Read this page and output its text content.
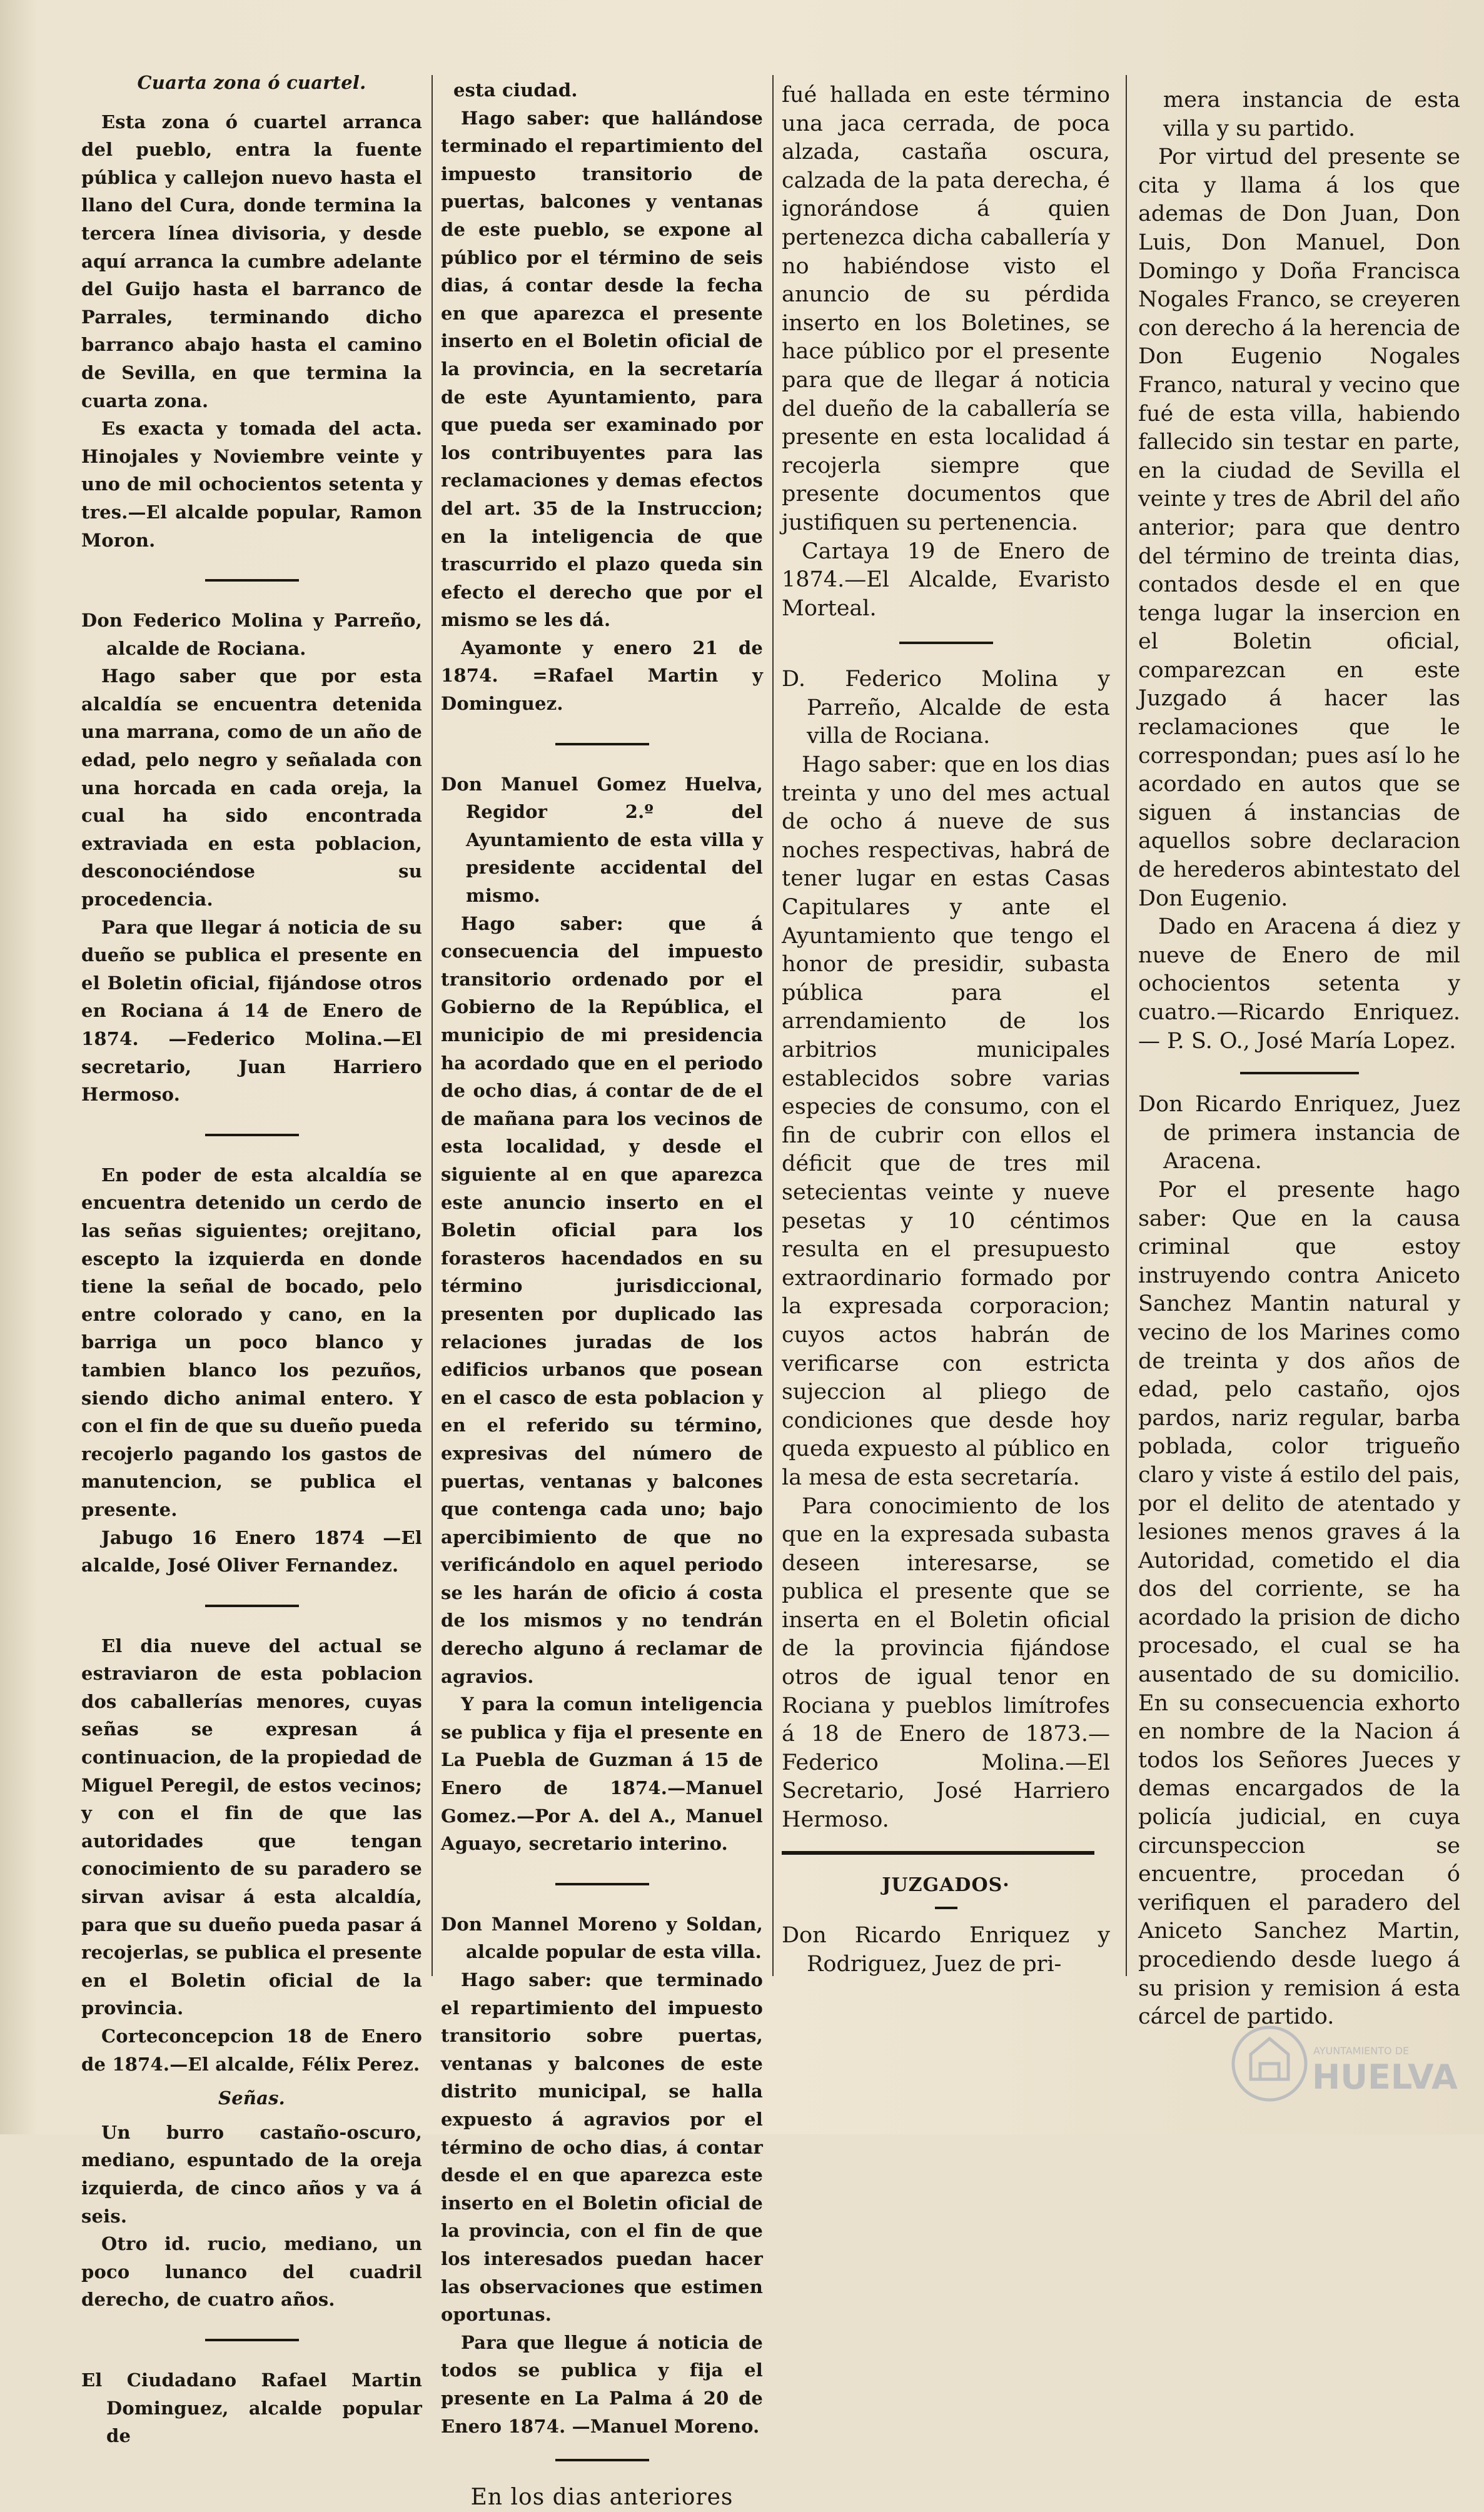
Cuarta zona ó cuartel.

Esta zona ó cuartel arranca del pueblo, entra la fuente pública y callejon nuevo hasta el llano del Cura, donde termina la tercera línea divisoria, y desde aquí arranca la cumbre adelante del Guijo hasta el barranco de Parrales, terminando dicho barranco abajo hasta el camino de Sevilla, en que termina la cuarta zona.

Es exacta y tomada del acta. Hinojales y Noviembre veinte y uno de mil ochocientos setenta y tres.—El alcalde popular, Ramon Moron.

Don Federico Molina y Parreño, alcalde de Rociana.

Hago saber que por esta alcaldía se encuentra detenida una marrana, como de un año de edad, pelo negro y señalada con una horcada en cada oreja, la cual ha sido encontrada extraviada en esta poblacion, desconociéndose su procedencia.

Para que llegar á noticia de su dueño se publica el presente en el Boletin oficial, fijándose otros en Rociana á 14 de Enero de 1874. —Federico Molina.—El secretario, Juan Harriero Hermoso.

En poder de esta alcaldía se encuentra detenido un cerdo de las señas siguientes; orejitano, escepto la izquierda en donde tiene la señal de bocado, pelo entre colorado y cano, en la barriga un poco blanco y tambien blanco los pezuños, siendo dicho animal entero. Y con el fin de que su dueño pueda recojerlo pagando los gastos de manutencion, se publica el presente.

Jabugo 16 Enero 1874 —El alcalde, José Oliver Fernandez.

El dia nueve del actual se estraviaron de esta poblacion dos caballerías menores, cuyas señas se expresan á continuacion, de la propiedad de Miguel Peregil, de estos vecinos; y con el fin de que las autoridades que tengan conocimiento de su paradero se sirvan avisar á esta alcaldía, para que su dueño pueda pasar á recojerlas, se publica el presente en el Boletin oficial de la provincia.

Corteconcepcion 18 de Enero de 1874.—El alcalde, Félix Perez.

Señas.

Un burro castaño-oscuro, mediano, espuntado de la oreja izquierda, de cinco años y va á seis.

Otro id. rucio, mediano, un poco lunanco del cuadril derecho, de cuatro años.

El Ciudadano Rafael Martin Dominguez, alcalde popular de

esta ciudad.

Hago saber: que hallándose terminado el repartimiento del impuesto transitorio de puertas, balcones y ventanas de este pueblo, se expone al público por el término de seis dias, á contar desde la fecha en que aparezca el presente inserto en el Boletin oficial de la provincia, en la secretaría de este Ayuntamiento, para que pueda ser examinado por los contribuyentes para las reclamaciones y demas efectos del art. 35 de la Instruccion; en la inteligencia de que trascurrido el plazo queda sin efecto el derecho que por el mismo se les dá.

Ayamonte y enero 21 de 1874. =Rafael Martin y Dominguez.

Don Manuel Gomez Huelva, Regidor 2.º del Ayuntamiento de esta villa y presidente accidental del mismo.

Hago saber: que á consecuencia del impuesto transitorio ordenado por el Gobierno de la República, el municipio de mi presidencia ha acordado que en el periodo de ocho dias, á contar de de el de mañana para los vecinos de esta localidad, y desde el siguiente al en que aparezca este anuncio inserto en el Boletin oficial para los forasteros hacendados en su término jurisdiccional, presenten por duplicado las relaciones juradas de los edificios urbanos que posean en el casco de esta poblacion y en el referido su término, expresivas del número de puertas, ventanas y balcones que contenga cada uno; bajo apercibimiento de que no verificándolo en aquel periodo se les harán de oficio á costa de los mismos y no tendrán derecho alguno á reclamar de agravios.

Y para la comun inteligencia se publica y fija el presente en La Puebla de Guzman á 15 de Enero de 1874.—Manuel Gomez.—Por A. del A., Manuel Aguayo, secretario interino.

Don Mannel Moreno y Soldan, alcalde popular de esta villa.

Hago saber: que terminado el repartimiento del impuesto transitorio sobre puertas, ventanas y balcones de este distrito municipal, se halla expuesto á agravios por el término de ocho dias, á contar desde el en que aparezca este inserto en el Boletin oficial de la provincia, con el fin de que los interesados puedan hacer las observaciones que estimen oportunas.

Para que llegue á noticia de todos se publica y fija el presente en La Palma á 20 de Enero 1874. —Manuel Moreno.

En los dias anteriores

fué hallada en este término una jaca cerrada, de poca alzada, castaña oscura, calzada de la pata derecha, é ignorándose á quien pertenezca dicha caballería y no habiéndose visto el anuncio de su pérdida inserto en los Boletines, se hace público por el presente para que de llegar á noticia del dueño de la caballería se presente en esta localidad á recojerla siempre que presente documentos que justifiquen su pertenencia.

Cartaya 19 de Enero de 1874.—El Alcalde, Evaristo Morteal.

D. Federico Molina y Parreño, Alcalde de esta villa de Rociana.

Hago saber: que en los dias treinta y uno del mes actual de ocho á nueve de sus noches respectivas, habrá de tener lugar en estas Casas Capitulares y ante el Ayuntamiento que tengo el honor de presidir, subasta pública para el arrendamiento de los arbitrios municipales establecidos sobre varias especies de consumo, con el fin de cubrir con ellos el déficit que de tres mil setecientas veinte y nueve pesetas y 10 céntimos resulta en el presupuesto extraordinario formado por la expresada corporacion; cuyos actos habrán de verificarse con estricta sujeccion al pliego de condiciones que desde hoy queda expuesto al público en la mesa de esta secretaría.

Para conocimiento de los que en la expresada subasta deseen interesarse, se publica el presente que se inserta en el Boletin oficial de la provincia fijándose otros de igual tenor en Rociana y pueblos limítrofes á 18 de Enero de 1873.—Federico Molina.—El Secretario, José Harriero Hermoso.

JUZGADOS·

Don Ricardo Enriquez y Rodriguez, Juez de pri-

mera instancia de esta villa y su partido.

Por virtud del presente se cita y llama á los que ademas de Don Juan, Don Luis, Don Manuel, Don Domingo y Doña Francisca Nogales Franco, se creyeren con derecho á la herencia de Don Eugenio Nogales Franco, natural y vecino que fué de esta villa, habiendo fallecido sin testar en parte, en la ciudad de Sevilla el veinte y tres de Abril del año anterior; para que dentro del término de treinta dias, contados desde el en que tenga lugar la insercion en el Boletin oficial, comparezcan en este Juzgado á hacer las reclamaciones que le correspondan; pues así lo he acordado en autos que se siguen á instancias de aquellos sobre declaracion de herederos abintestato del Don Eugenio.

Dado en Aracena á diez y nueve de Enero de mil ochocientos setenta y cuatro.—Ricardo Enriquez.— P. S. O., José María Lopez.

Don Ricardo Enriquez, Juez de primera instancia de Aracena.

Por el presente hago saber: Que en la causa criminal que estoy instruyendo contra Aniceto Sanchez Mantin natural y vecino de los Marines como de treinta y dos años de edad, pelo castaño, ojos pardos, nariz regular, barba poblada, color trigueño claro y viste á estilo del pais, por el delito de atentado y lesiones menos graves á la Autoridad, cometido el dia dos del corriente, se ha acordado la prision de dicho procesado, el cual se ha ausentado de su domicilio. En su consecuencia exhorto en nombre de la Nacion á todos los Señores Jueces y demas encargados de la policía judicial, en cuya circunspeccion se encuentre, procedan ó verifiquen el paradero del Aniceto Sanchez Martin, procediendo desde luego á su prision y remision á esta cárcel de partido.

AYUNTAMIENTO DE
HUELVA
